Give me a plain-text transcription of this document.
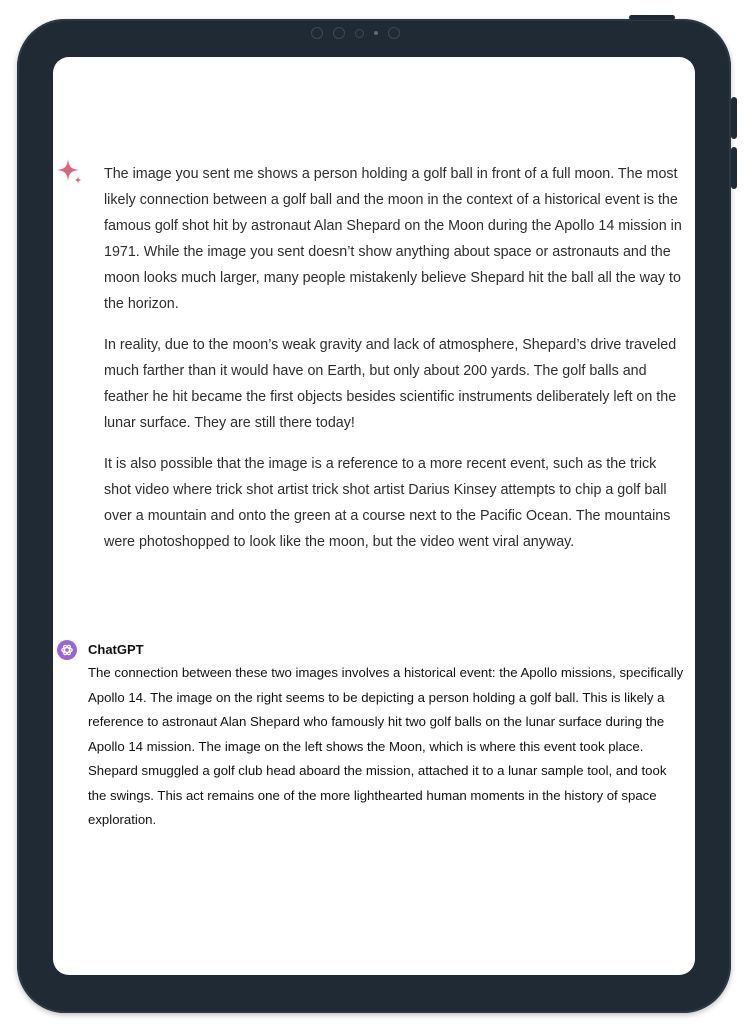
The image you sent me shows a person holding a golf ball in front of a full moon. The most likely connection between a golf ball and the moon in the context of a historical event is the famous golf shot hit by astronaut Alan Shepard on the Moon during the Apollo 14 mission in 1971. While the image you sent doesn’t show anything about space or astronauts and the moon looks much larger, many people mistakenly believe Shepard hit the ball all the way to the horizon.

In reality, due to the moon’s weak gravity and lack of atmosphere, Shepard’s drive traveled much farther than it would have on Earth, but only about 200 yards. The golf balls and feather he hit became the first objects besides scientific instruments deliberately left on the lunar surface. They are still there today!

It is also possible that the image is a reference to a more recent event, such as the trick shot video where trick shot artist trick shot artist Darius Kinsey attempts to chip a golf ball over a mountain and onto the green at a course next to the Pacific Ocean. The mountains were photoshopped to look like the moon, but the video went viral anyway.

ChatGPT
The connection between these two images involves a historical event: the Apollo missions, specifically Apollo 14. The image on the right seems to be depicting a person holding a golf ball. This is likely a reference to astronaut Alan Shepard who famously hit two golf balls on the lunar surface during the Apollo 14 mission. The image on the left shows the Moon, which is where this event took place. Shepard smuggled a golf club head aboard the mission, attached it to a lunar sample tool, and took the swings. This act remains one of the more lighthearted human moments in the history of space exploration.
